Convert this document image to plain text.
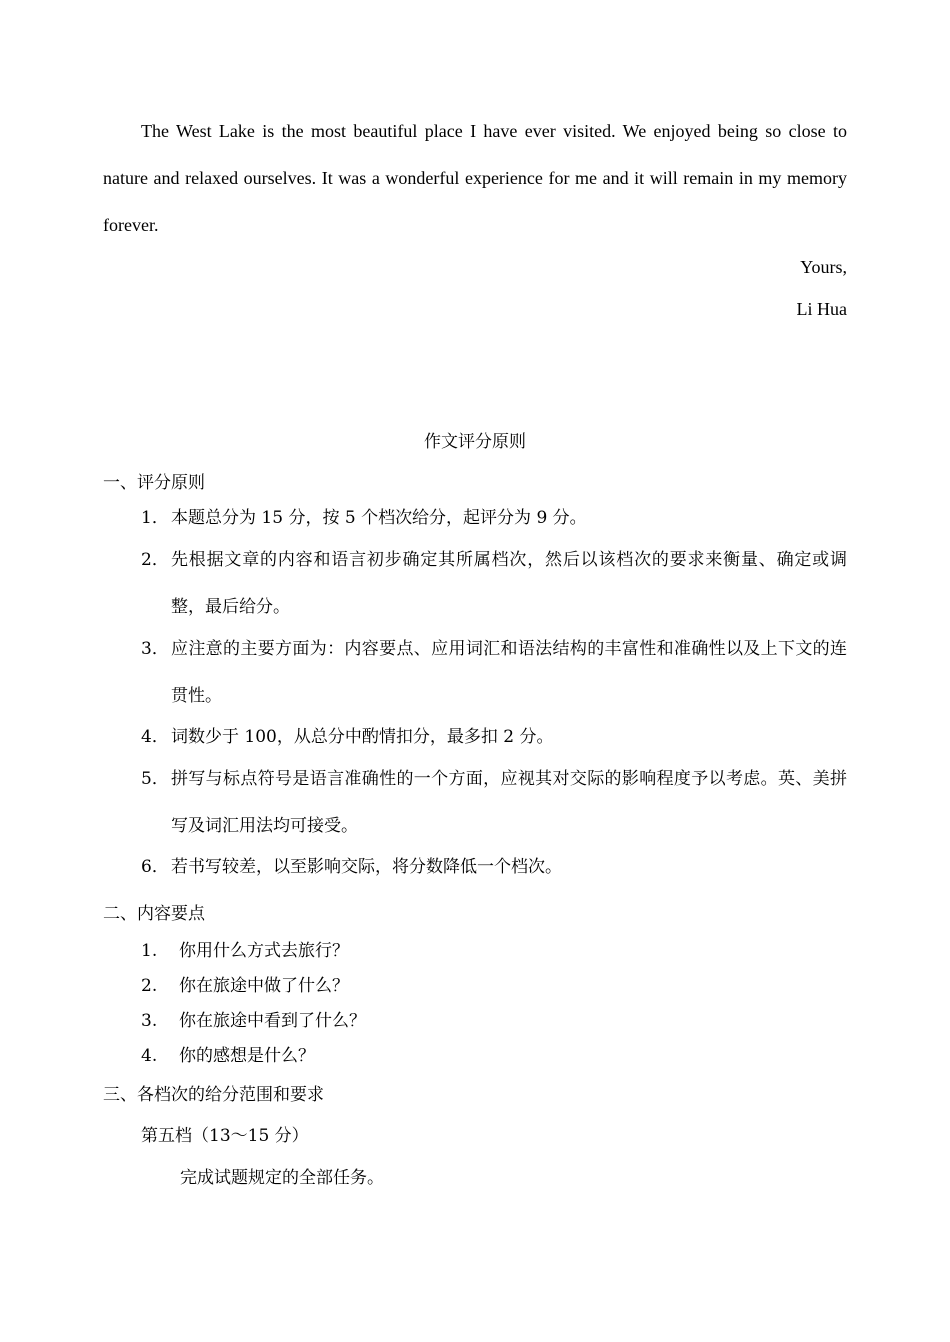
The West Lake is the most beautiful place I have ever visited. We enjoyed being so close to nature and relaxed ourselves. It was a wonderful experience for me and it will remain in my memory forever.

Yours,
Li Hua
作文评分原则
一、评分原则
1． 本题总分为 15 分，按 5 个档次给分，起评分为 9 分。
2． 先根据文章的内容和语言初步确定其所属档次，然后以该档次的要求来衡量、确定或调整，最后给分。
3． 应注意的主要方面为：内容要点、应用词汇和语法结构的丰富性和准确性以及上下文的连贯性。
4． 词数少于 100，从总分中酌情扣分，最多扣 2 分。
5． 拼写与标点符号是语言准确性的一个方面，应视其对交际的影响程度予以考虑。英、美拼写及词汇用法均可接受。
6． 若书写较差，以至影响交际，将分数降低一个档次。
二、内容要点
1. 你用什么方式去旅行？
2. 你在旅途中做了什么？
3. 你在旅途中看到了什么？
4. 你的感想是什么？
三、各档次的给分范围和要求
第五档（13～15 分）
完成试题规定的全部任务。
